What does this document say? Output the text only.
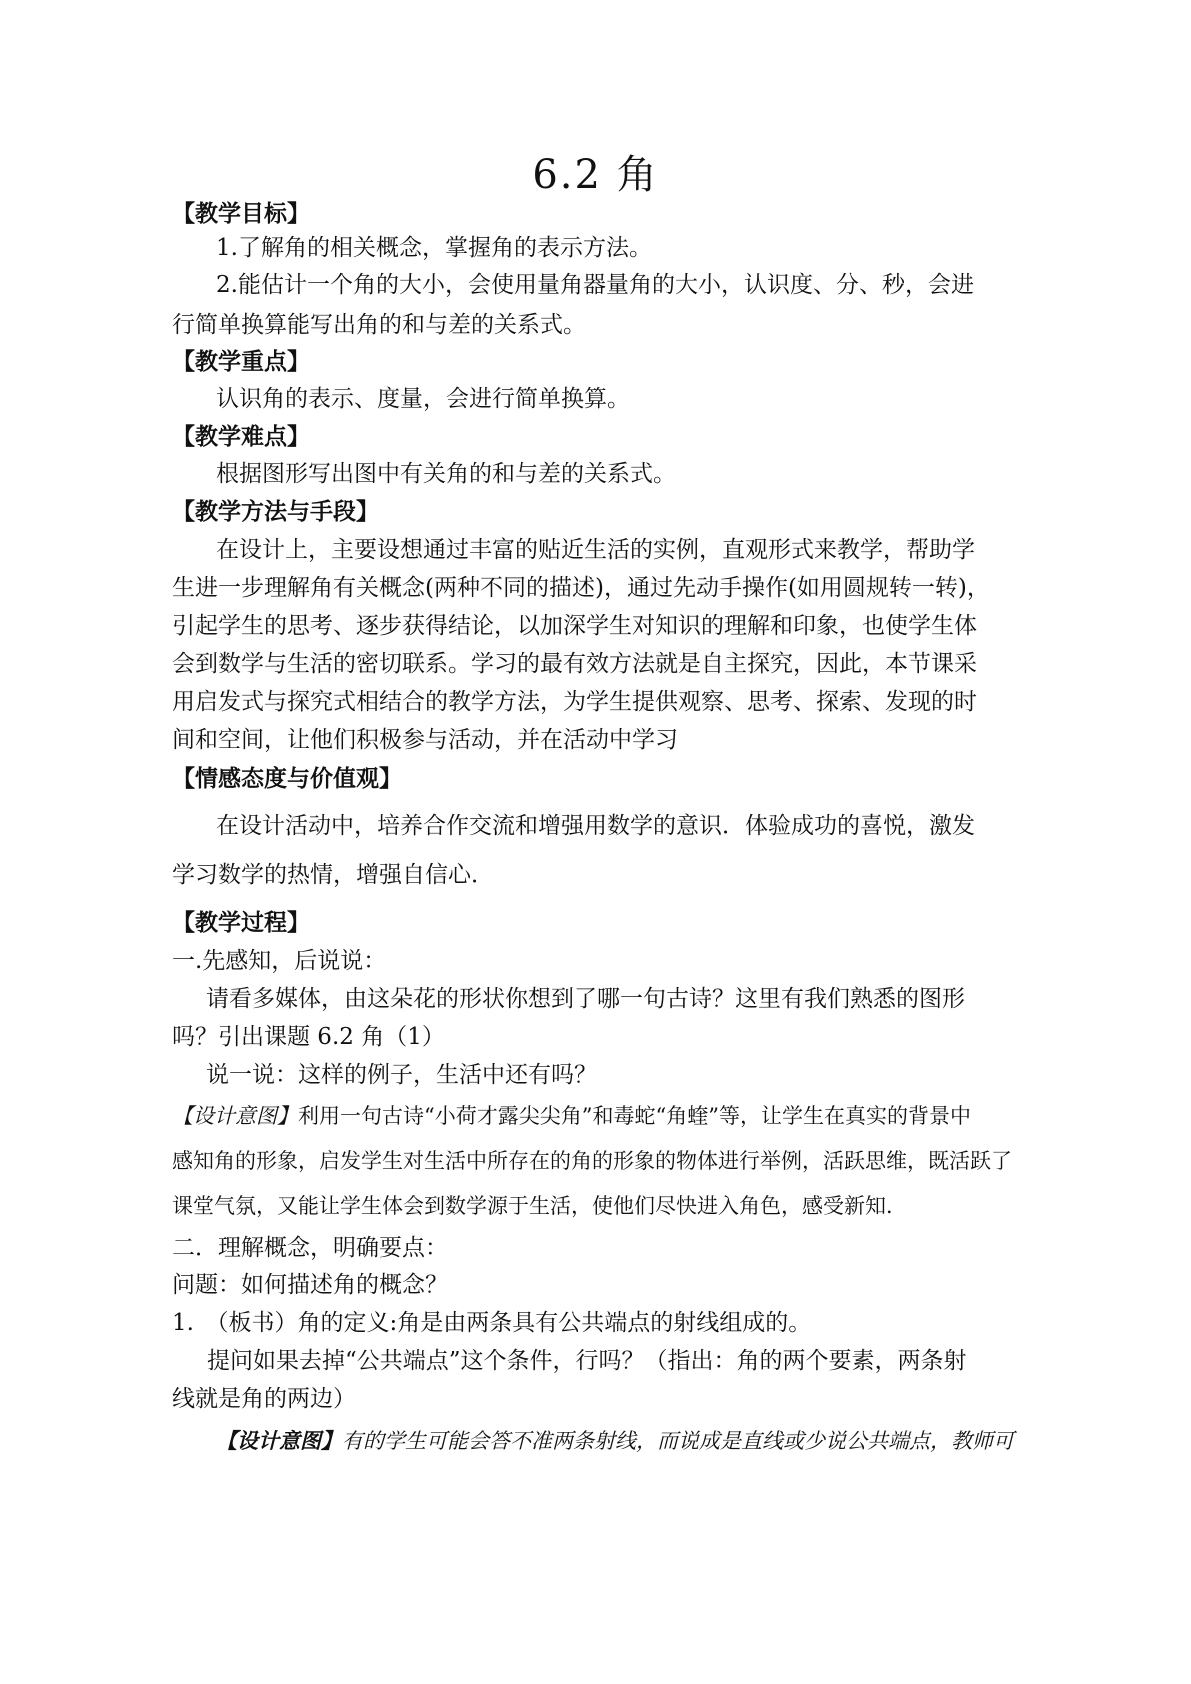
6.2 角
【教学目标】
1.了解角的相关概念，掌握角的表示方法。
2.能估计一个角的大小，会使用量角器量角的大小，认识度、分、秒，会进
行简单换算能写出角的和与差的关系式。
【教学重点】
认识角的表示、度量，会进行简单换算。
【教学难点】
根据图形写出图中有关角的和与差的关系式。
【教学方法与手段】
在设计上，主要设想通过丰富的贴近生活的实例，直观形式来教学，帮助学
生进一步理解角有关概念(两种不同的描述)，通过先动手操作(如用圆规转一转)，
引起学生的思考、逐步获得结论，以加深学生对知识的理解和印象，也使学生体
会到数学与生活的密切联系。学习的最有效方法就是自主探究，因此，本节课采
用启发式与探究式相结合的教学方法，为学生提供观察、思考、探索、发现的时
间和空间，让他们积极参与活动，并在活动中学习
【情感态度与价值观】
在设计活动中，培养合作交流和增强用数学的意识．体验成功的喜悦，激发
学习数学的热情，增强自信心．
【教学过程】
一.先感知，后说说：
请看多媒体，由这朵花的形状你想到了哪一句古诗？这里有我们熟悉的图形
吗？引出课题 6.2 角（1）
说一说：这样的例子，生活中还有吗？
【设计意图】利用一句古诗“小荷才露尖尖角”和毒蛇“角蝰”等，让学生在真实的背景中
感知角的形象，启发学生对生活中所存在的角的形象的物体进行举例，活跃思维，既活跃了
课堂气氛，又能让学生体会到数学源于生活，使他们尽快进入角色，感受新知．
二．理解概念，明确要点：
问题：如何描述角的概念？
1.　（板书）角的定义:角是由两条具有公共端点的射线组成的。
提问如果去掉“公共端点”这个条件，行吗？（指出：角的两个要素，两条射
线就是角的两边）
【设计意图】有的学生可能会答不准两条射线，而说成是直线或少说公共端点，教师可
